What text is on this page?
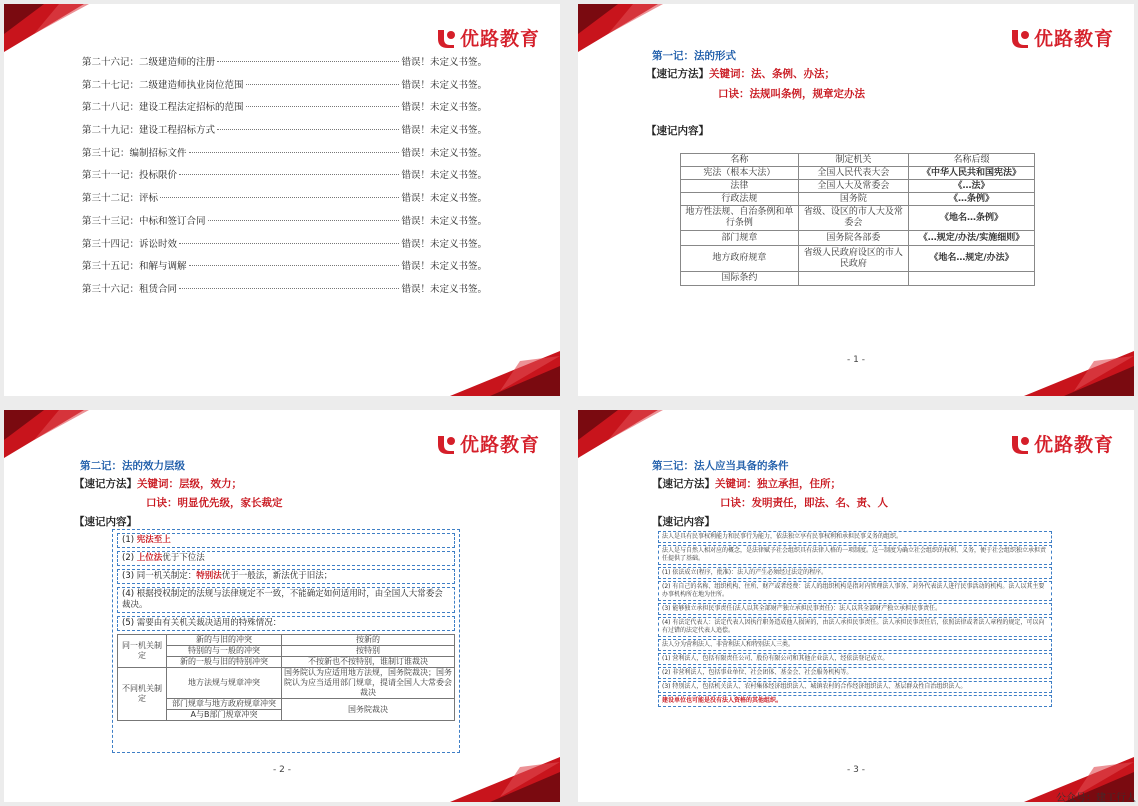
优路教育
第二十六记：二级建造师的注册	错误！未定义书签。
第二十七记：二级建造师执业岗位范围	错误！未定义书签。
第二十八记：建设工程法定招标的范围	错误！未定义书签。
第二十九记：建设工程招标方式	错误！未定义书签。
第三十记：编制招标文件	错误！未定义书签。
第三十一记：投标限价	错误！未定义书签。
第三十二记：评标	错误！未定义书签。
第三十三记：中标和签订合同	错误！未定义书签。
第三十四记：诉讼时效	错误！未定义书签。
第三十五记：和解与调解	错误！未定义书签。
第三十六记：租赁合同	错误！未定义书签。
优路教育
第一记：法的形式
【速记方法】关键词：法、条例、办法；
口诀：法规叫条例，规章定办法
【速记内容】
- 1 -
名称	制定机关	名称后缀
宪法（根本大法）	全国人民代表大会	《中华人民共和国宪法》
法律	全国人大及常委会	《…法》
行政法规	国务院	《…条例》
地方性法规、自治条例和单行条例	省级、设区的市人大及常委会	《地名…条例》
部门规章	国务院各部委	《…规定/办法/实施细则》
地方政府规章	省级人民政府设区的市人民政府	《地名…规定/办法》
国际条约		
优路教育
第二记：法的效力层级
【速记方法】关键词：层级，效力；
口诀：明显优先级，家长裁定
【速记内容】
(1) 宪法至上
(2) 上位法优于下位法
(3) 同一机关制定：特别法优于一般法，新法优于旧法；
(4) 根据授权制定的法规与法律规定不一致，不能确定如何适用时，由全国人大常委会裁决。
(5) 需要由有关机关裁决适用的特殊情况：
同一机关制定	新的与旧的冲突	按新的
	特别的与一般的冲突	按特别
	新的一般与旧的特别冲突	不按新也不按特别，谁制订谁裁决
不同机关制定	地方法规与规章冲突	国务院认为应适用地方法规，国务院裁决；国务院认为应当适用部门规章，提请全国人大常委会裁决
	部门规章与地方政府规章冲突	国务院裁决
	A与B部门规章冲突	
- 2 -
优路教育
第三记：法人应当具备的条件
【速记方法】关键词：独立承担，住所；
口诀：发明责任，即法、名、责、人
【速记内容】
法人是具有民事权利能力和民事行为能力，依法独立享有民事权利和承担民事义务的组织。
法人是与自然人相对应的概念，是法律赋予社会组织具有法律人格的一项制度。这一制度为确立社会组织的权利、义务，便于社会组织独立承担责任提供了基础。
(1) 依法成立(程序，批准)：法人的产生必须经过法定的程序。
(2) 有自己的名称、组织机构、住所、财产或者经费：法人的组织机构是指对内管理法人事务、对外代表法人进行民事活动的机构。法人以其主要办事机构所在地为住所。
(3) 能够独立承担民事责任(法人以其全部财产独立承担民事责任)：法人以其全部财产独立承担民事责任。
(4) 有法定代表人：法定代表人因执行职务造成他人损害的，由法人承担民事责任。法人承担民事责任后，依照法律或者法人章程的规定，可以向有过错的法定代表人追偿。
法人分为营利法人、非营利法人和特别法人三类。
(1) 营利法人，包括有限责任公司、股份有限公司和其他企业法人，经依法登记成立。
(2) 非营利法人，包括事业单位、社会团体、基金会、社会服务机构等。
(3) 特别法人，包括机关法人、农村集体经济组织法人、城镇农村的合作经济组织法人、基层群众性自治组织法人。
建设单位也可能是没有法人资格的其他组织。
- 3 -
公众号：建工行人
